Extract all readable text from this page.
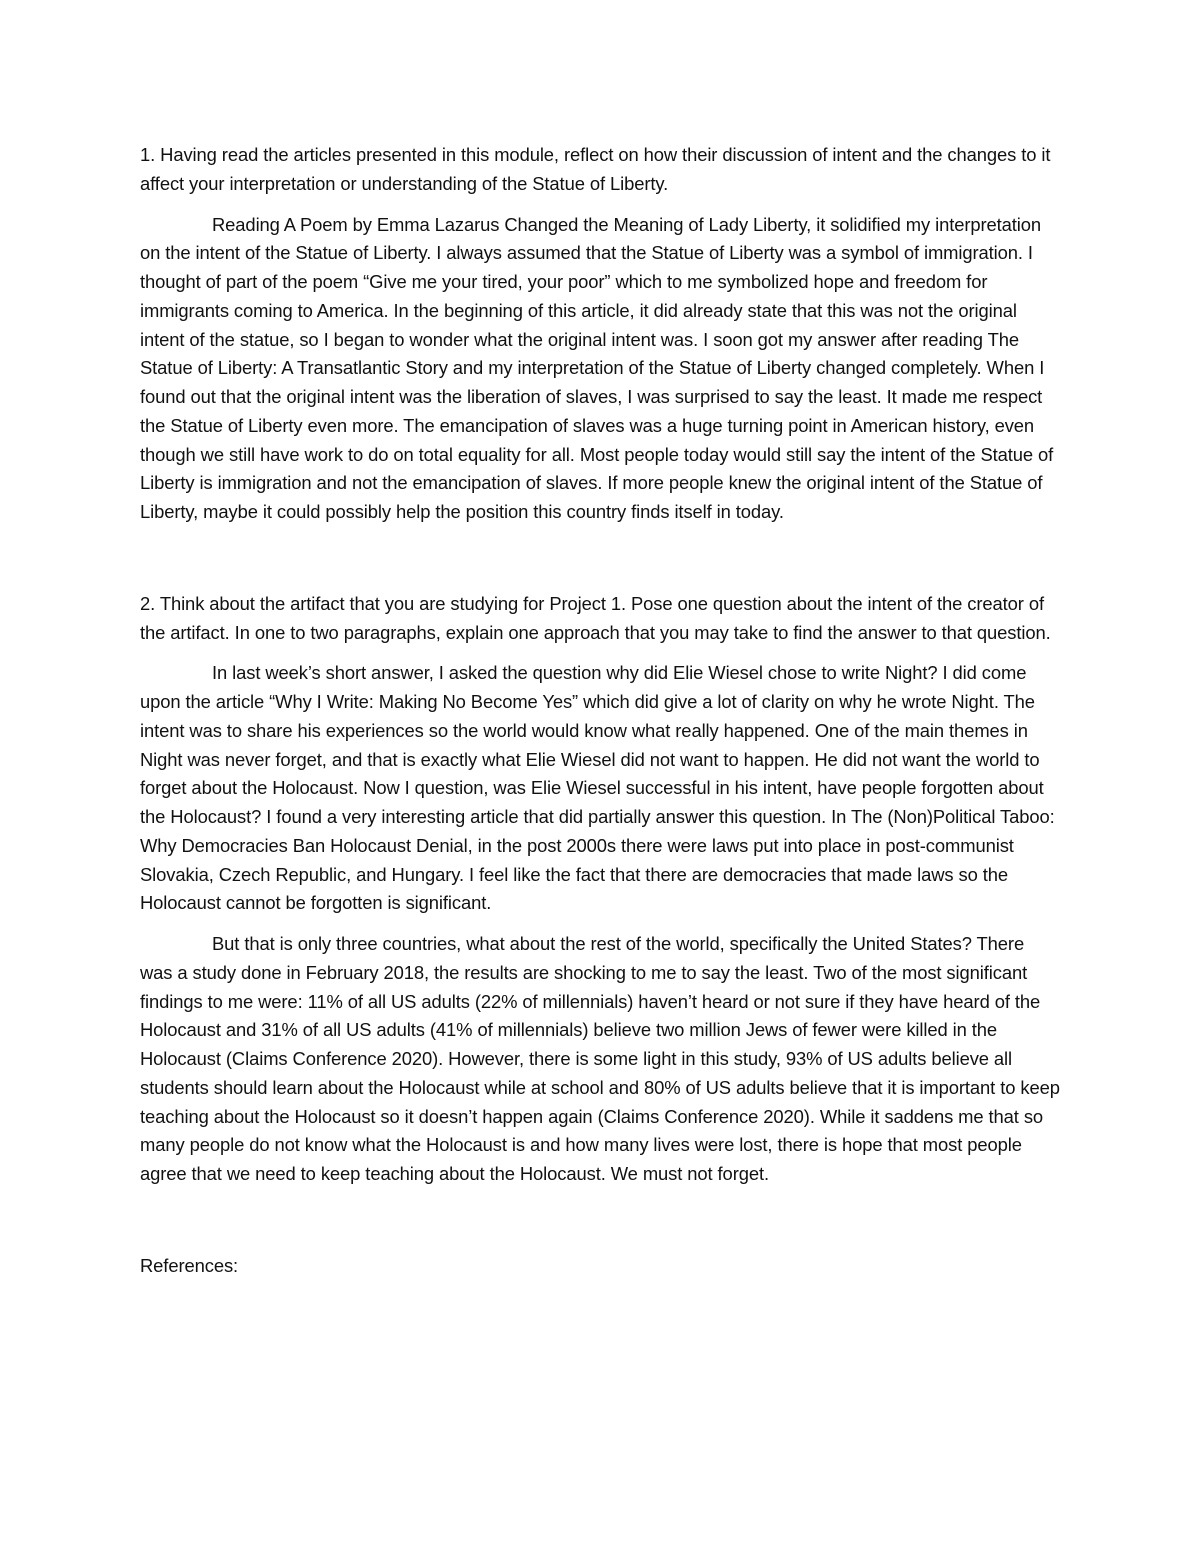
1. Having read the articles presented in this module, reflect on how their discussion of intent and the changes to it affect your interpretation or understanding of the Statue of Liberty.

Reading A Poem by Emma Lazarus Changed the Meaning of Lady Liberty, it solidified my interpretation on the intent of the Statue of Liberty. I always assumed that the Statue of Liberty was a symbol of immigration. I thought of part of the poem “Give me your tired, your poor” which to me symbolized hope and freedom for immigrants coming to America. In the beginning of this article, it did already state that this was not the original intent of the statue, so I began to wonder what the original intent was. I soon got my answer after reading The Statue of Liberty: A Transatlantic Story and my interpretation of the Statue of Liberty changed completely. When I found out that the original intent was the liberation of slaves, I was surprised to say the least. It made me respect the Statue of Liberty even more. The emancipation of slaves was a huge turning point in American history, even though we still have work to do on total equality for all. Most people today would still say the intent of the Statue of Liberty is immigration and not the emancipation of slaves. If more people knew the original intent of the Statue of Liberty, maybe it could possibly help the position this country finds itself in today.

2. Think about the artifact that you are studying for Project 1. Pose one question about the intent of the creator of the artifact. In one to two paragraphs, explain one approach that you may take to find the answer to that question.

In last week’s short answer, I asked the question why did Elie Wiesel chose to write Night? I did come upon the article “Why I Write: Making No Become Yes” which did give a lot of clarity on why he wrote Night. The intent was to share his experiences so the world would know what really happened. One of the main themes in Night was never forget, and that is exactly what Elie Wiesel did not want to happen. He did not want the world to forget about the Holocaust. Now I question, was Elie Wiesel successful in his intent, have people forgotten about the Holocaust? I found a very interesting article that did partially answer this question. In The (Non)Political Taboo: Why Democracies Ban Holocaust Denial, in the post 2000s there were laws put into place in post-communist Slovakia, Czech Republic, and Hungary. I feel like the fact that there are democracies that made laws so the Holocaust cannot be forgotten is significant.

But that is only three countries, what about the rest of the world, specifically the United States? There was a study done in February 2018, the results are shocking to me to say the least. Two of the most significant findings to me were: 11% of all US adults (22% of millennials) haven’t heard or not sure if they have heard of the Holocaust and 31% of all US adults (41% of millennials) believe two million Jews of fewer were killed in the Holocaust (Claims Conference 2020). However, there is some light in this study, 93% of US adults believe all students should learn about the Holocaust while at school and 80% of US adults believe that it is important to keep teaching about the Holocaust so it doesn’t happen again (Claims Conference 2020). While it saddens me that so many people do not know what the Holocaust is and how many lives were lost, there is hope that most people agree that we need to keep teaching about the Holocaust. We must not forget.

References:
